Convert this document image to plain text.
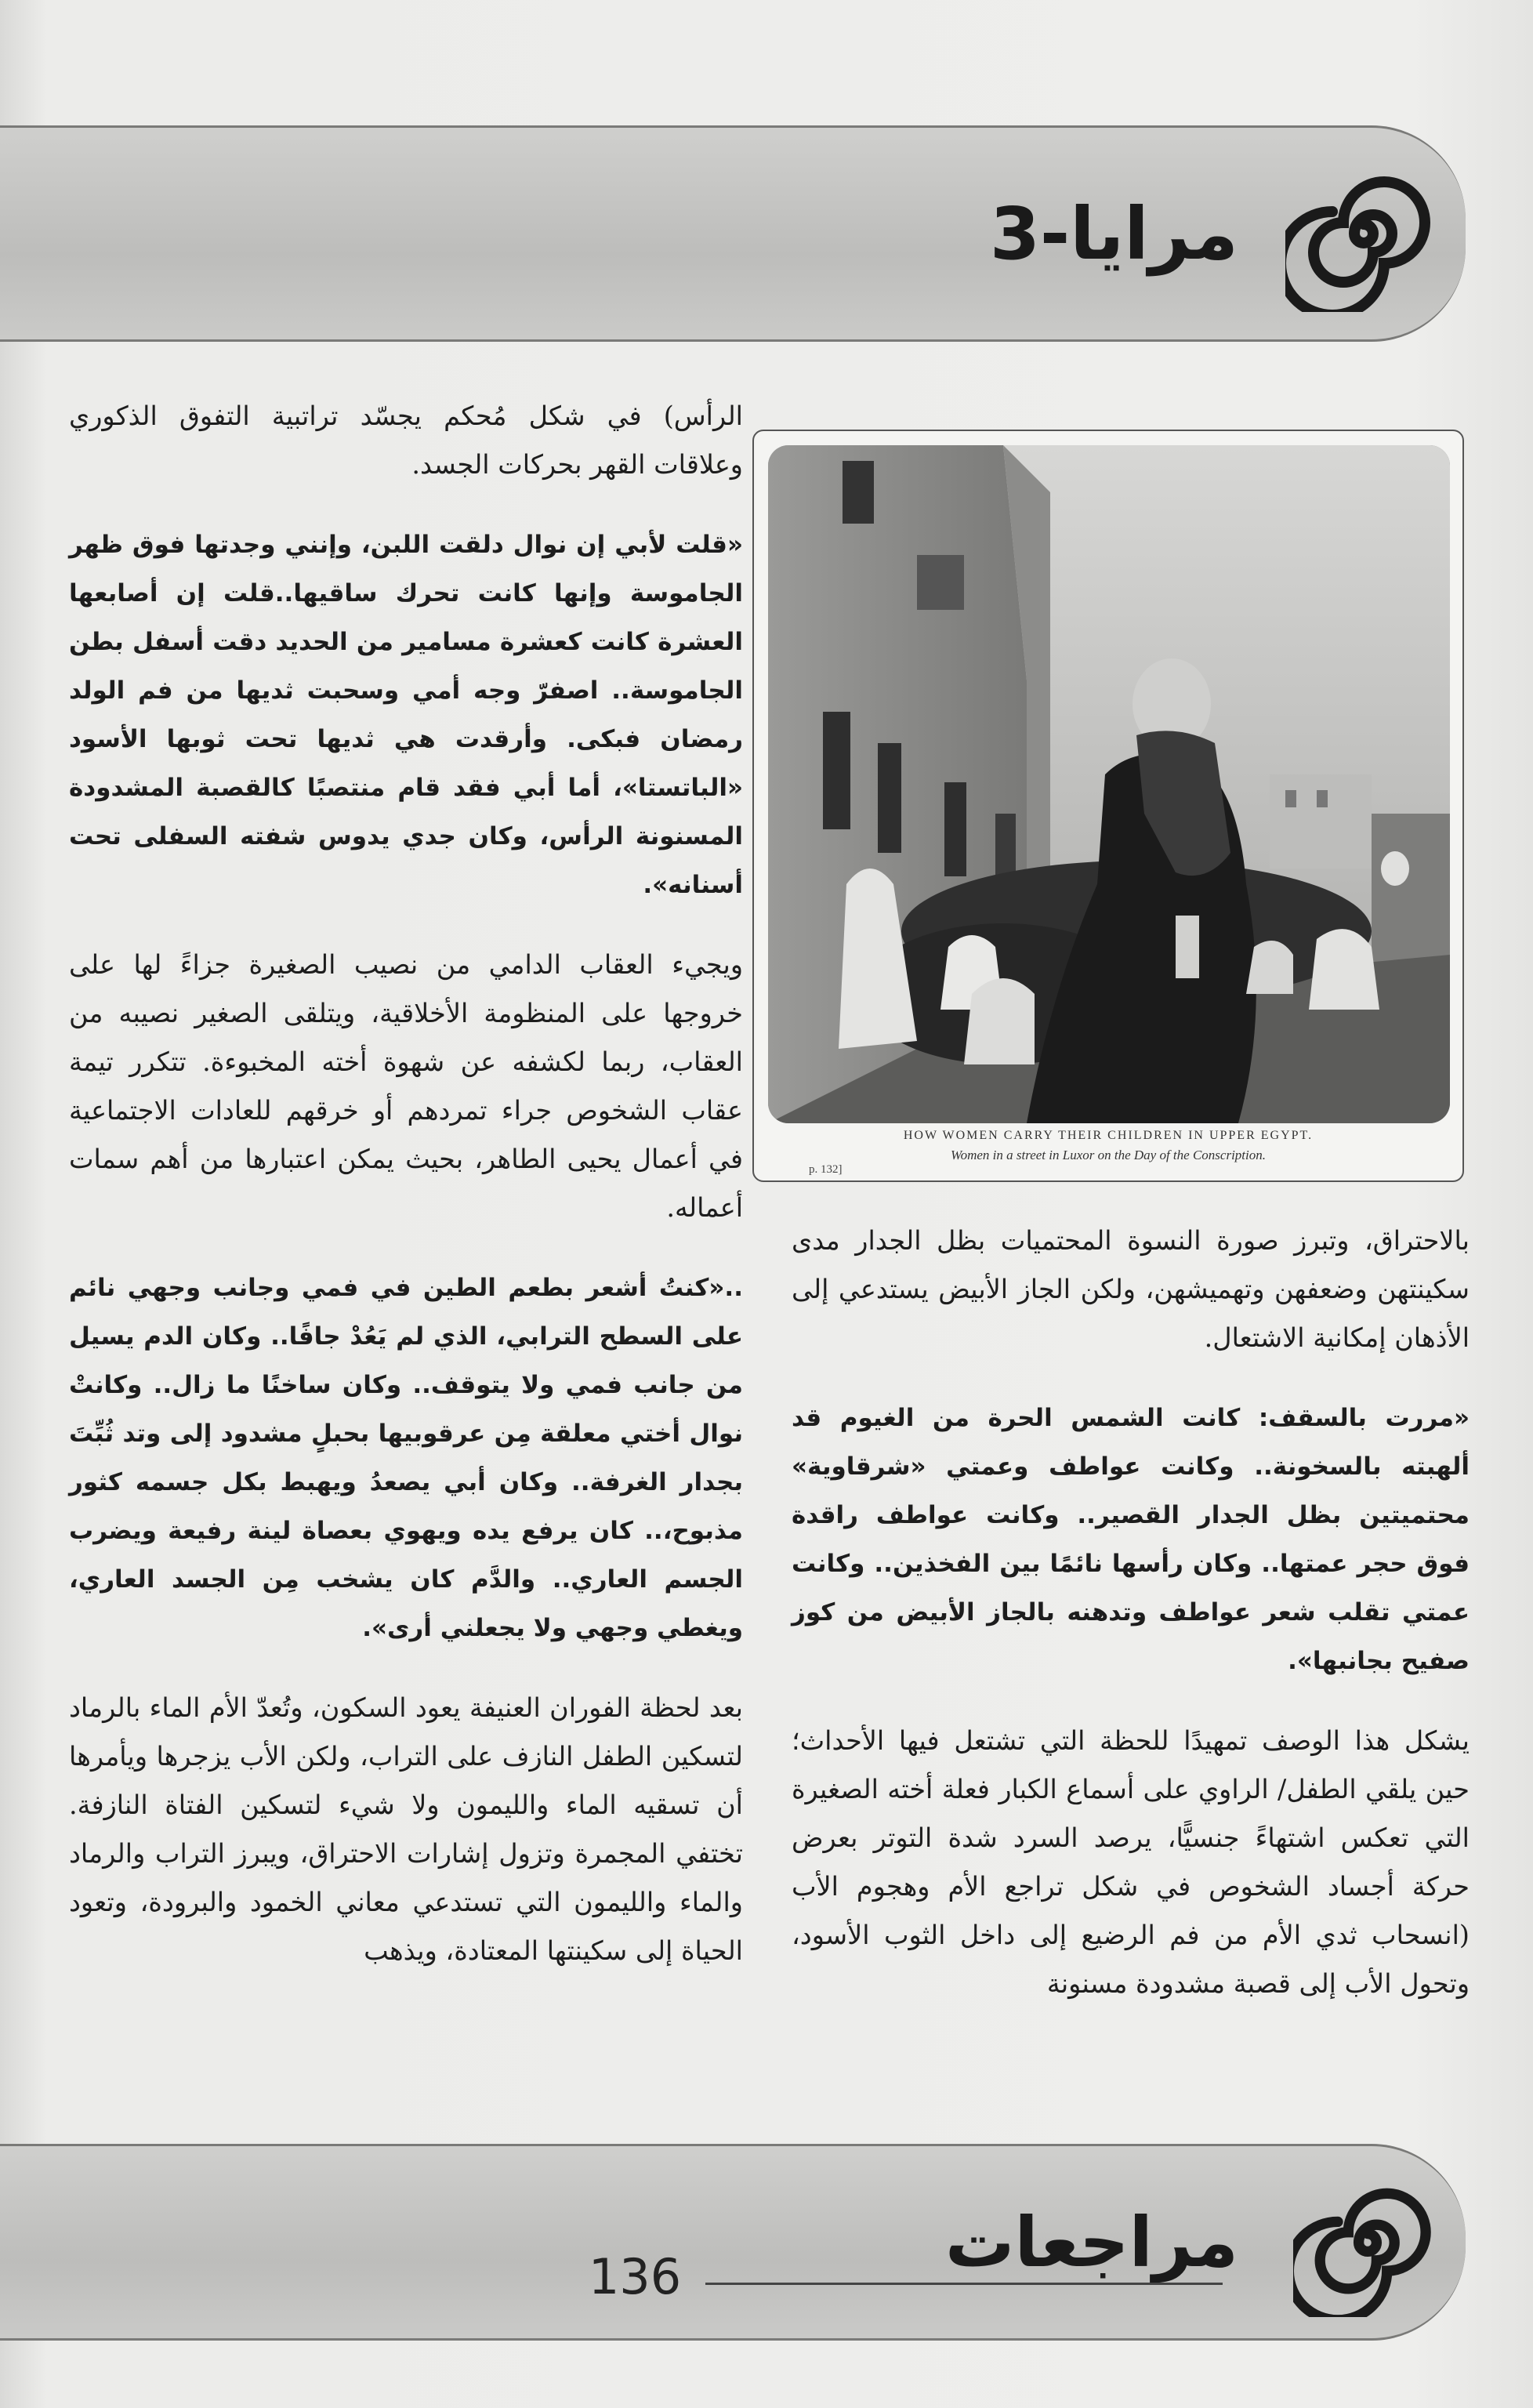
مرايا-3

الرأس) في شكل مُحكم يجسّد تراتبية التفوق الذكوري وعلاقات القهر بحركات الجسد.

«قلت لأبي إن نوال دلقت اللبن، وإنني وجدتها فوق ظهر الجاموسة وإنها كانت تحرك ساقيها..قلت إن أصابعها العشرة كانت كعشرة مسامير من الحديد دقت أسفل بطن الجاموسة.. اصفرّ وجه أمي وسحبت ثديها من فم الولد رمضان فبكى. وأرقدت هي ثديها تحت ثوبها الأسود «الباتستا»، أما أبي فقد قام منتصبًا كالقصبة المشدودة المسنونة الرأس، وكان جدي يدوس شفته السفلى تحت أسنانه».

ويجيء العقاب الدامي من نصيب الصغيرة جزاءً لها على خروجها على المنظومة الأخلاقية، ويتلقى الصغير نصيبه من العقاب، ربما لكشفه عن شهوة أخته المخبوءة. تتكرر تيمة عقاب الشخوص جراء تمردهم أو خرقهم للعادات الاجتماعية في أعمال يحيى الطاهر، بحيث يمكن اعتبارها من أهم سمات أعماله.

..«كنتُ أشعر بطعم الطين في فمي وجانب وجهي نائم على السطح الترابي، الذي لم يَعُدْ جافًا.. وكان الدم يسيل من جانب فمي ولا يتوقف.. وكان ساخنًا ما زال.. وكانتْ نوال أختي معلقة مِن عرقوبيها بحبلٍ مشدود إلى وتد ثُبِّتَ بجدار الغرفة.. وكان أبي يصعدُ ويهبط بكل جسمه كثور مذبوح،.. كان يرفع يده ويهوي بعصاة لينة رفيعة ويضرب الجسم العاري.. والدَّم كان يشخب مِن الجسد العاري، ويغطي وجهي ولا يجعلني أرى».

بعد لحظة الفوران العنيفة يعود السكون، وتُعدّ الأم الماء بالرماد لتسكين الطفل النازف على التراب، ولكن الأب يزجرها ويأمرها أن تسقيه الماء والليمون ولا شيء لتسكين الفتاة النازفة. تختفي المجمرة وتزول إشارات الاحتراق، ويبرز التراب والرماد والماء والليمون التي تستدعي معاني الخمود والبرودة، وتعود الحياة إلى سكينتها المعتادة، ويذهب

HOW WOMEN CARRY THEIR CHILDREN IN UPPER EGYPT.
Women in a street in Luxor on the Day of the Conscription.
p. 132]

بالاحتراق، وتبرز صورة النسوة المحتميات بظل الجدار مدى سكينتهن وضعفهن وتهميشهن، ولكن الجاز الأبيض يستدعي إلى الأذهان إمكانية الاشتعال.

«مررت بالسقف: كانت الشمس الحرة من الغيوم قد ألهبته بالسخونة.. وكانت عواطف وعمتي «شرقاوية» محتميتين بظل الجدار القصير.. وكانت عواطف راقدة فوق حجر عمتها.. وكان رأسها نائمًا بين الفخذين.. وكانت عمتي تقلب شعر عواطف وتدهنه بالجاز الأبيض من كوز صفيح بجانبها».

يشكل هذا الوصف تمهيدًا للحظة التي تشتعل فيها الأحداث؛ حين يلقي الطفل/ الراوي على أسماع الكبار فعلة أخته الصغيرة التي تعكس اشتهاءً جنسيًّا، يرصد السرد شدة التوتر بعرض حركة أجساد الشخوص في شكل تراجع الأم وهجوم الأب (انسحاب ثدي الأم من فم الرضيع إلى داخل الثوب الأسود، وتحول الأب إلى قصبة مشدودة مسنونة

مراجعات
136
